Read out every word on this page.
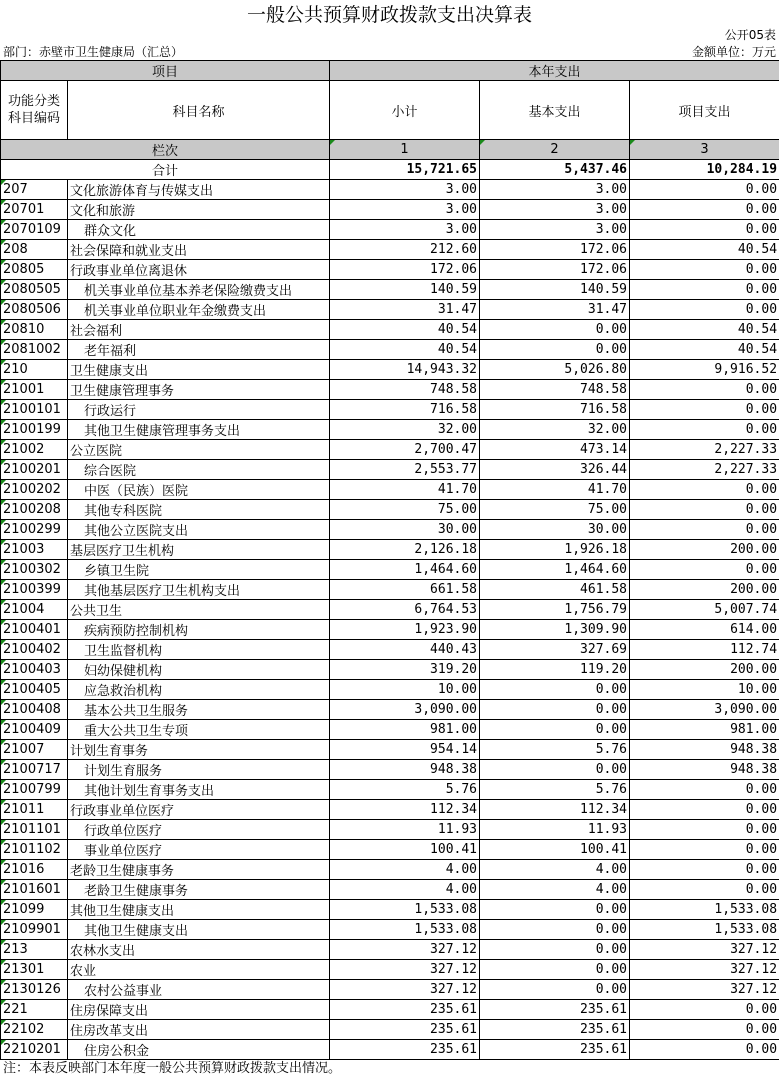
一般公共预算财政拨款支出决算表
公开05表
部门：赤壁市卫生健康局（汇总）	金额单位：万元
项目		本年支出		
功能分类科目编码	科目名称	小计	基本支出	项目支出
栏次		1	2	3
合计		15,721.65	5,437.46	10,284.19
207	文化旅游体育与传媒支出	3.00	3.00	0.00
20701	文化和旅游	3.00	3.00	0.00
2070109	群众文化	3.00	3.00	0.00
208	社会保障和就业支出	212.60	172.06	40.54
20805	行政事业单位离退休	172.06	172.06	0.00
2080505	机关事业单位基本养老保险缴费支出	140.59	140.59	0.00
2080506	机关事业单位职业年金缴费支出	31.47	31.47	0.00
20810	社会福利	40.54	0.00	40.54
2081002	老年福利	40.54	0.00	40.54
210	卫生健康支出	14,943.32	5,026.80	9,916.52
21001	卫生健康管理事务	748.58	748.58	0.00
2100101	行政运行	716.58	716.58	0.00
2100199	其他卫生健康管理事务支出	32.00	32.00	0.00
21002	公立医院	2,700.47	473.14	2,227.33
2100201	综合医院	2,553.77	326.44	2,227.33
2100202	中医（民族）医院	41.70	41.70	0.00
2100208	其他专科医院	75.00	75.00	0.00
2100299	其他公立医院支出	30.00	30.00	0.00
21003	基层医疗卫生机构	2,126.18	1,926.18	200.00
2100302	乡镇卫生院	1,464.60	1,464.60	0.00
2100399	其他基层医疗卫生机构支出	661.58	461.58	200.00
21004	公共卫生	6,764.53	1,756.79	5,007.74
2100401	疾病预防控制机构	1,923.90	1,309.90	614.00
2100402	卫生监督机构	440.43	327.69	112.74
2100403	妇幼保健机构	319.20	119.20	200.00
2100405	应急救治机构	10.00	0.00	10.00
2100408	基本公共卫生服务	3,090.00	0.00	3,090.00
2100409	重大公共卫生专项	981.00	0.00	981.00
21007	计划生育事务	954.14	5.76	948.38
2100717	计划生育服务	948.38	0.00	948.38
2100799	其他计划生育事务支出	5.76	5.76	0.00
21011	行政事业单位医疗	112.34	112.34	0.00
2101101	行政单位医疗	11.93	11.93	0.00
2101102	事业单位医疗	100.41	100.41	0.00
21016	老龄卫生健康事务	4.00	4.00	0.00
2101601	老龄卫生健康事务	4.00	4.00	0.00
21099	其他卫生健康支出	1,533.08	0.00	1,533.08
2109901	其他卫生健康支出	1,533.08	0.00	1,533.08
213	农林水支出	327.12	0.00	327.12
21301	农业	327.12	0.00	327.12
2130126	农村公益事业	327.12	0.00	327.12
221	住房保障支出	235.61	235.61	0.00
22102	住房改革支出	235.61	235.61	0.00
2210201	住房公积金	235.61	235.61	0.00
注：本表反映部门本年度一般公共预算财政拨款支出情况。
